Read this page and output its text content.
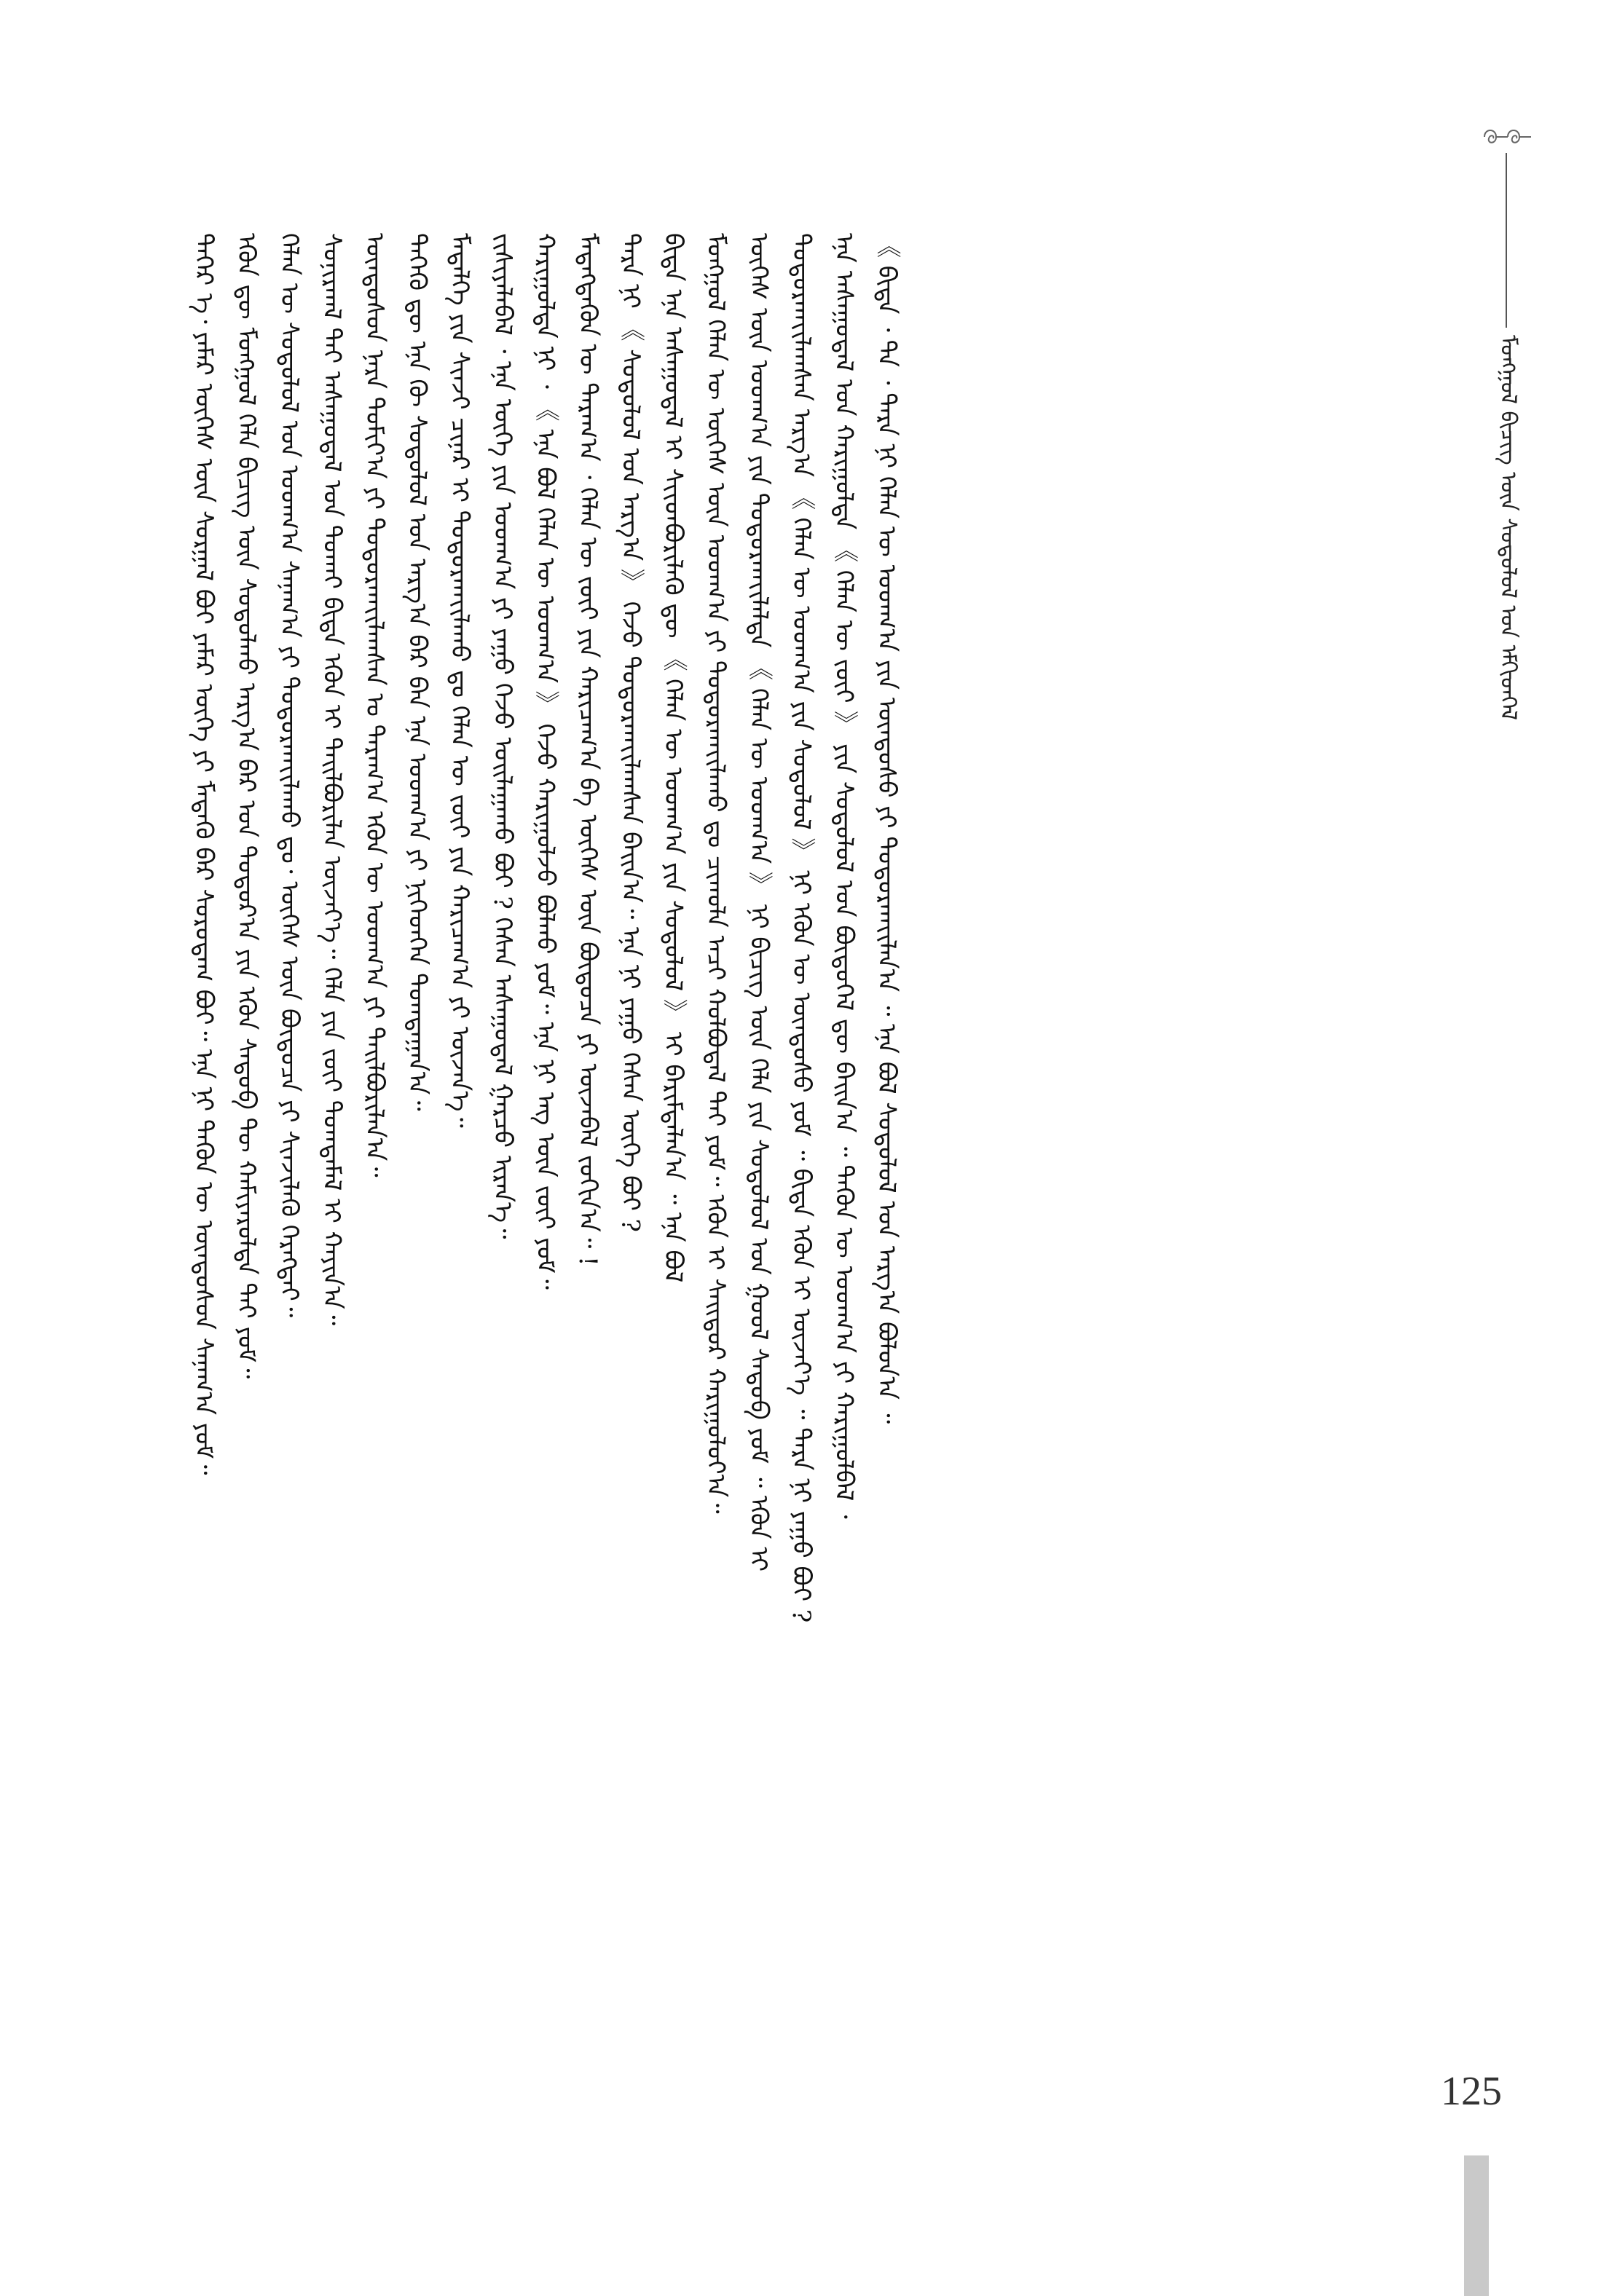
ᠮᠣᠩᠭᠣᠯ ᠪᠢᠴᠢᠭ᠌ ᠦᠨ ᠰᠤᠳᠤᠯᠤᠯ ᠤᠨ ᠡᠮᠬᠢᠳᠬᠡᠯ
ᠲᠡᠭᠡᠷ ᠡ᠂ ᠶᠠᠮᠠᠷ ᠦᠭᠡᠰ ᠦᠨ ᠰᠤᠷᠭᠠᠯ ᠪᠤᠢ ᠶᠠᠮᠠᠷ ᠦᠭᠡ ᠶᠢ ᠮᠡᠳᠡᠬᠦ ᠪᠡᠷ ᠰᠤᠷᠤᠳᠠᠭ ᠪᠤᠢ᠃ ᠡᠨᠡ ᠨᠢ ᠲᠡᠭᠦᠨ ᠦ ᠦᠨᠳᠦᠰᠦᠨ ᠰᠠᠨᠠᠭ᠎ᠠ ᠶᠤᠮ᠃ ᠡᠭᠦᠨ ᠳᠦ ᠮᠣᠩᠭᠣᠯ ᠬᠡᠯᠡ ᠪᠢᠴᠢᠭ᠌ ᠦᠨ ᠰᠤᠳᠤᠯᠬᠤ ᠠᠷᠭ᠎ᠠ ᠪᠠᠷ ᠤᠨ ᠳᠣᠲᠣᠷ᠎ᠠ ᠶᠢᠨ ᠡᠭᠦᠨ ᠰᠡᠳᠦᠪ ᠲᠦ ᠬᠠᠮᠢᠶᠠᠷᠤᠯᠲᠠ ᠲᠠᠢ ᠶᠤᠮ᠃ ᠬᠡᠯᠡᠨ ᠦ ᠰᠤᠳᠤᠯᠤᠯ ᠤᠨ ᠤᠳᠬ᠎ᠠ ᠰᠠᠨᠠᠭ᠎ᠠ ᠶᠢ ᠲᠣᠳᠣᠷᠬᠠᠶ᠋ᠢᠯᠠᠬᠤ ᠳᠤ᠂ ᠦᠭᠡᠰ ᠦᠨ ᠪᠦᠲᠦᠴᠡ ᠶᠢ ᠰᠢᠨᠵᠢᠯᠡᠬᠦ ᠬᠡᠷᠡᠭᠲᠡᠢ᠃ ᠰᠣᠨᠢᠷᠬᠠᠯ ᠲᠠᠢ ᠠᠰᠠᠭᠤᠳᠠᠯ ᠤᠨ ᠲᠤᠬᠠᠢ ᠪᠢᠳᠡ ᠡᠭᠦᠨ ᠢ ᠲᠠᠢᠯᠪᠤᠷᠢᠯᠠᠨ ᠦᠵᠡᠶ᠎ᠡ᠃ ᠬᠡᠯᠡ ᠶᠢᠨ ᠵᠦᠢ ᠲᠣᠭᠲᠠᠮᠠᠯ ᠢ ᠬᠠᠶᠢᠨ᠎ᠠ᠃ ᠦᠨᠳᠦᠰᠦᠨ ᠨᠡᠷᠡ ᠲᠣᠮᠢᠶ᠎ᠠ ᠶᠢ ᠲᠣᠳᠣᠷᠬᠠᠶ᠋ᠢᠯᠠᠭᠰᠠᠨ ᠤ ᠳᠠᠷᠠᠭ᠎ᠠ ᠡᠭᠦᠨ ᠦ ᠤᠳᠬ᠎ᠠ ᠶᠢ ᠲᠠᠢᠯᠪᠤᠷᠢᠯᠠᠨ᠎ᠠ᠃ ᠲᠡᠭᠡᠬᠦ ᠳᠦ ᠡᠨᠡ ᠬᠦ ᠰᠤᠳᠤᠯᠤᠯ ᠤᠨ ᠠᠷᠭ᠎ᠠ ᠪᠠᠷ ᠪᠠᠨ ᠡᠨᠡ ᠤᠳᠬ᠎ᠠ ᠶᠢ ᠨᠢᠭᠡᠳᠬᠡᠨ ᠲᠣᠭᠲᠠᠭᠠᠨ᠎ᠠ᠃ ᠮᠡᠳᠡᠯᠭᠡ ᠶᠢᠨ ᠰᠢᠨᠵᠢ ᠴᠢᠨᠠᠷ ᠢ ᠲᠣᠳᠣᠷᠬᠠᠶ᠋ᠢᠯᠠᠬᠤ ᠳᠤ ᠬᠡᠯᠡᠨ ᠦ ᠵᠦᠢ ᠶᠢᠨ ᠬᠠᠷᠢᠴᠠᠭ᠎ᠠ ᠶᠢ ᠦᠵᠡᠨ᠎ᠡ᠃ ᠵᠢᠱᠢᠶᠡᠯᠡᠪᠡᠯ ᠂ ᠡᠨᠡ ᠦᠭᠡ ᠶᠢᠨ ᠤᠳᠬ᠎ᠠ ᠶᠢ ᠶᠠᠭᠤ ᠭᠡᠵᠦ ᠣᠢᠯᠠᠭᠠᠬᠤ ᠪᠤᠢ ? ᠭᠡᠰᠡᠨ ᠠᠰᠠᠭᠤᠳᠠᠯ ᠭᠠᠷᠴᠤ ᠢᠷᠡᠨ᠎ᠡ᠃ ᠬᠠᠷᠢᠭᠤᠯᠲᠠ ᠨᠢ ᠂ 《 ᠡᠨᠡ ᠪᠣᠯ ᠬᠡᠯᠡᠨ ᠦ ᠤᠳᠬ᠎ᠠ 》 ᠭᠡᠵᠦ ᠬᠠᠷᠢᠭᠤᠯᠵᠤ ᠪᠤᠯᠬᠤ ᠶᠤᠮ᠃ ᠡᠨᠡ ᠨᠢ ᠡᠩ ᠦᠨ ᠵᠦᠢ ᠶᠤᠮ᠃ ᠮᠡᠳᠡᠭᠳᠡᠬᠦᠨ ᠦ ᠳᠠᠷᠠᠭ᠎ᠠ ᠂ ᠬᠡᠯᠡᠨ ᠦ ᠵᠦᠢ ᠶᠢᠨ ᠬᠠᠷᠢᠴᠠᠭ᠎ᠠ ᠪᠠ ᠦᠭᠡᠰ ᠦᠨ ᠪᠦᠲᠦᠴᠡ ᠶᠢ ᠦᠵᠡᠪᠡᠯ ᠵᠣᠬᠢᠨ᠎ᠠ᠃ ! ᠲᠡᠷᠡ ᠨᠢ 《 ᠰᠤᠳᠤᠯᠤᠯ ᠤᠨ ᠠᠷᠭ᠎ᠠ 》 ᠭᠡᠵᠦ ᠲᠣᠳᠣᠷᠬᠠᠶ᠋ᠢᠯᠠᠭᠰᠠᠨ ᠪᠠᠢᠨ᠎ᠠ᠃ ᠡᠨᠡ ᠨᠢ ᠶᠠᠭᠤ ᠭᠡᠰᠡᠨ ᠦᠭᠡ ᠪᠤᠢ ? ᠪᠢᠳᠡ ᠡᠨᠡ ᠠᠰᠠᠭᠤᠳᠠᠯ ᠢ ᠰᠢᠢᠳᠪᠦᠷᠢᠯᠡᠬᠦ ᠳᠦ 《 ᠬᠡᠯᠡᠨ ᠦ ᠤᠳᠬ᠎ᠠ ᠶᠢᠨ ᠰᠤᠳᠤᠯᠤᠯ 》 ᠢ ᠪᠠᠷᠢᠮᠳᠠᠯᠠᠨ᠎ᠠ ᠃ ᠡᠨᠡ ᠪᠣᠯ ᠮᠣᠩᠭᠣᠯ ᠬᠡᠯᠡᠨ ᠦ ᠦᠭᠡᠰ ᠦᠨ ᠤᠳᠬ᠎ᠠ ᠶᠢ ᠲᠣᠳᠣᠷᠬᠠᠶ᠋ᠢᠯᠠᠬᠤ ᠳᠤ ᠴᠢᠬᠤᠯᠠ ᠠᠴᠢ ᠬᠣᠯᠪᠣᠳᠠᠯ ᠲᠠᠢ ᠶᠤᠮ᠃ ᠡᠭᠦᠨ ᠢ ᠰᠠᠢᠲᠤᠷ ᠬᠠᠷᠢᠭᠤᠯᠤᠶ᠎ᠠ᠃ ᠦᠭᠡᠰ ᠦᠨ ᠤᠳᠬ᠎ᠠ ᠶᠢᠨ ᠲᠣᠳᠣᠷᠬᠠᠶ᠋ᠢᠯᠠᠯᠲᠠ 《 ᠬᠡᠯᠡᠨ ᠦ ᠤᠳᠬ᠎ᠠ 》 ᠨᠢ ᠪᠢᠴᠢᠭ᠌ ᠦᠨ ᠬᠡᠯᠡ ᠶᠢᠨ ᠰᠤᠳᠤᠯᠤᠯ ᠤᠨ ᠭᠣᠣᠯ ᠰᠡᠳᠦᠪ ᠶᠤᠮ ᠃ ᠡᠭᠦᠨ ᠢ ᠲᠣᠳᠣᠷᠬᠠᠶ᠋ᠢᠯᠠᠭᠰᠠᠨ ᠠᠷᠭ᠎ᠠ 《 ᠬᠡᠯᠡᠨ ᠦ ᠤᠳᠬ᠎ᠠ ᠶᠢᠨ ᠰᠤᠳᠤᠯᠤᠯ 》 ᠨᠢ ᠡᠭᠦᠨ ᠦ ᠦᠨᠳᠦᠰᠦ ᠶᠤᠮ ᠃ ᠪᠢᠳᠡ ᠡᠭᠦᠨ ᠢ ᠦᠵᠡᠶ᠎ᠡ ᠃ ᠲᠡᠷᠡ ᠨᠢ ᠶᠠᠭᠤ ᠪᠤᠢ ? ᠡᠨᠡ ᠠᠰᠠᠭᠤᠳᠠᠯ ᠤᠨ ᠬᠠᠷᠢᠭᠤᠯᠲᠠ 《 ᠬᠡᠯᠡᠨ ᠦ ᠵᠦᠢ 》 ᠶᠢᠨ ᠰᠤᠳᠤᠯᠤᠯ ᠤᠨ ᠪᠦᠲᠦᠭᠡᠯ ᠳᠦ ᠪᠠᠢᠨ᠎ᠠ ᠃ ᠲᠡᠭᠦᠨ ᠦ ᠤᠳᠬ᠎ᠠ ᠶᠢ ᠬᠠᠷᠢᠭᠤᠯᠪᠠᠯ ᠂ 《 ᠪᠢᠳᠡ ᠂ ᠲᠠ ᠂ ᠲᠡᠷᠡ ᠨᠢ ᠬᠡᠯᠡᠨ ᠦ ᠤᠳᠬ᠎ᠠ ᠶᠢᠨ ᠦᠨᠳᠦᠰᠦ ᠶᠢ ᠲᠣᠳᠣᠷᠬᠠᠶ᠋ᠢᠯᠠᠨ᠎ᠠ ᠃ ᠡᠨᠡ ᠪᠣᠯ ᠰᠤᠳᠤᠯᠤᠯ ᠤᠨ ᠠᠷᠭ᠎ᠠ ᠪᠣᠯᠤᠨ᠎ᠠ ᠃
125
